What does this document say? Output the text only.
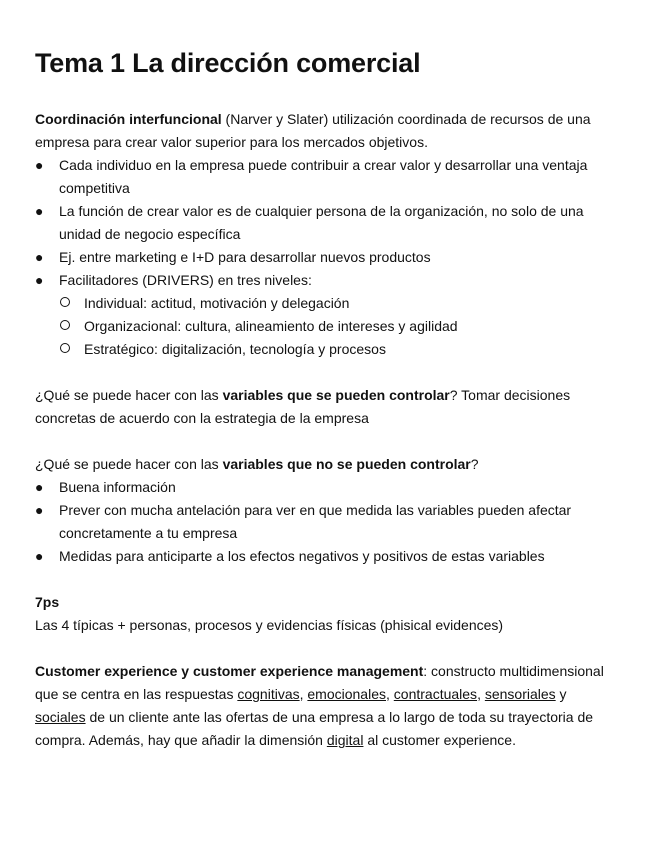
Tema 1 La dirección comercial

Coordinación interfuncional (Narver y Slater) utilización coordinada de recursos de una empresa para crear valor superior para los mercados objetivos.

●	Cada individuo en la empresa puede contribuir a crear valor y desarrollar una ventaja competitiva
●	La función de crear valor es de cualquier persona de la organización, no solo de una unidad de negocio específica
●	Ej. entre marketing e I+D para desarrollar nuevos productos
●	Facilitadores (DRIVERS) en tres niveles:
Individual: actitud, motivación y delegación
Organizacional: cultura, alineamiento de intereses y agilidad
Estratégico: digitalización, tecnología y procesos

¿Qué se puede hacer con las variables que se pueden controlar? Tomar decisiones concretas de acuerdo con la estrategia de la empresa

¿Qué se puede hacer con las variables que no se pueden controlar?

●	Buena información
●	Prever con mucha antelación para ver en que medida las variables pueden afectar concretamente a tu empresa
●	Medidas para anticiparte a los efectos negativos y positivos de estas variables

7ps

Las 4 típicas + personas, procesos y evidencias físicas (phisical evidences)

Customer experience y customer experience management: constructo multidimensional que se centra en las respuestas cognitivas, emocionales, contractuales, sensoriales y sociales de un cliente ante las ofertas de una empresa a lo largo de toda su trayectoria de compra. Además, hay que añadir la dimensión digital al customer experience.
